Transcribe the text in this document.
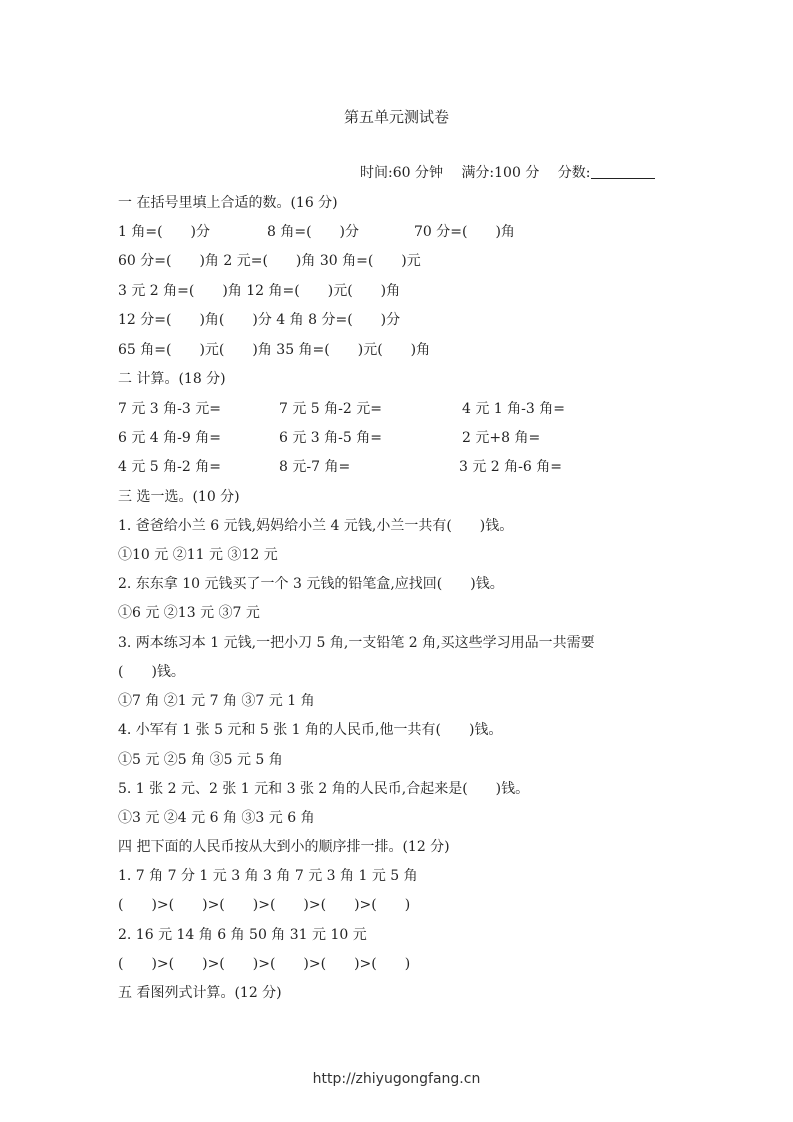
第五单元测试卷
时间:60 分钟 满分:100 分 分数:
一 在括号里填上合适的数。(16 分)
1 角=(　　)分	8 角=(　　)分	70 分=(　　)角
60 分=(　　)角 2 元=(　　)角 30 角=(　　)元
3 元 2 角=(　　)角 12 角=(　　)元(　　)角
12 分=(　　)角(　　)分 4 角 8 分=(　　)分
65 角=(　　)元(　　)角 35 角=(　　)元(　　)角
二 计算。(18 分)
7 元 3 角-3 元=	7 元 5 角-2 元=	4 元 1 角-3 角=
6 元 4 角-9 角=	6 元 3 角-5 角=	2 元+8 角=
4 元 5 角-2 角=	8 元-7 角=	3 元 2 角-6 角=
三 选一选。(10 分)
1. 爸爸给小兰 6 元钱,妈妈给小兰 4 元钱,小兰一共有(　　)钱。
①10 元 ②11 元 ③12 元
2. 东东拿 10 元钱买了一个 3 元钱的铅笔盒,应找回(　　)钱。
①6 元 ②13 元 ③7 元
3. 两本练习本 1 元钱,一把小刀 5 角,一支铅笔 2 角,买这些学习用品一共需要
(　　)钱。
①7 角 ②1 元 7 角 ③7 元 1 角
4. 小军有 1 张 5 元和 5 张 1 角的人民币,他一共有(　　)钱。
①5 元 ②5 角 ③5 元 5 角
5. 1 张 2 元、2 张 1 元和 3 张 2 角的人民币,合起来是(　　)钱。
①3 元 ②4 元 6 角 ③3 元 6 角
四 把下面的人民币按从大到小的顺序排一排。(12 分)
1. 7 角 7 分 1 元 3 角 3 角 7 元 3 角 1 元 5 角
(　　)>(　　)>(　　)>(　　)>(　　)>(　　)
2. 16 元 14 角 6 角 50 角 31 元 10 元
(　　)>(　　)>(　　)>(　　)>(　　)>(　　)
五 看图列式计算。(12 分)
http://zhiyugongfang.cn
